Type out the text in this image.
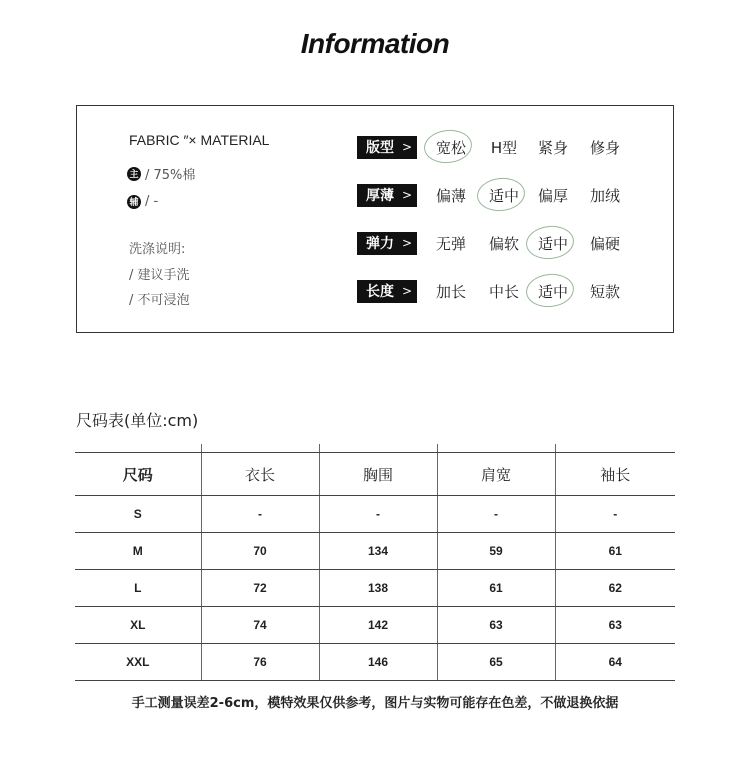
Information
FABRIC ″× MATERIAL
主 / 75%棉
辅 / -
洗涤说明:
/ 建议手洗
/ 不可浸泡
版型 >	宽松	H型	紧身	修身
厚薄 >	偏薄	适中	偏厚	加绒
弹力 >	无弹	偏软	适中	偏硬
长度 >	加长	中长	适中	短款
尺码表(单位:cm)
尺码	衣长	胸围	肩宽	袖长
S	-	-	-	-
M	70	134	59	61
L	72	138	61	62
XL	74	142	63	63
XXL	76	146	65	64
手工测量误差2-6cm，模特效果仅供参考，图片与实物可能存在色差，不做退换依据
